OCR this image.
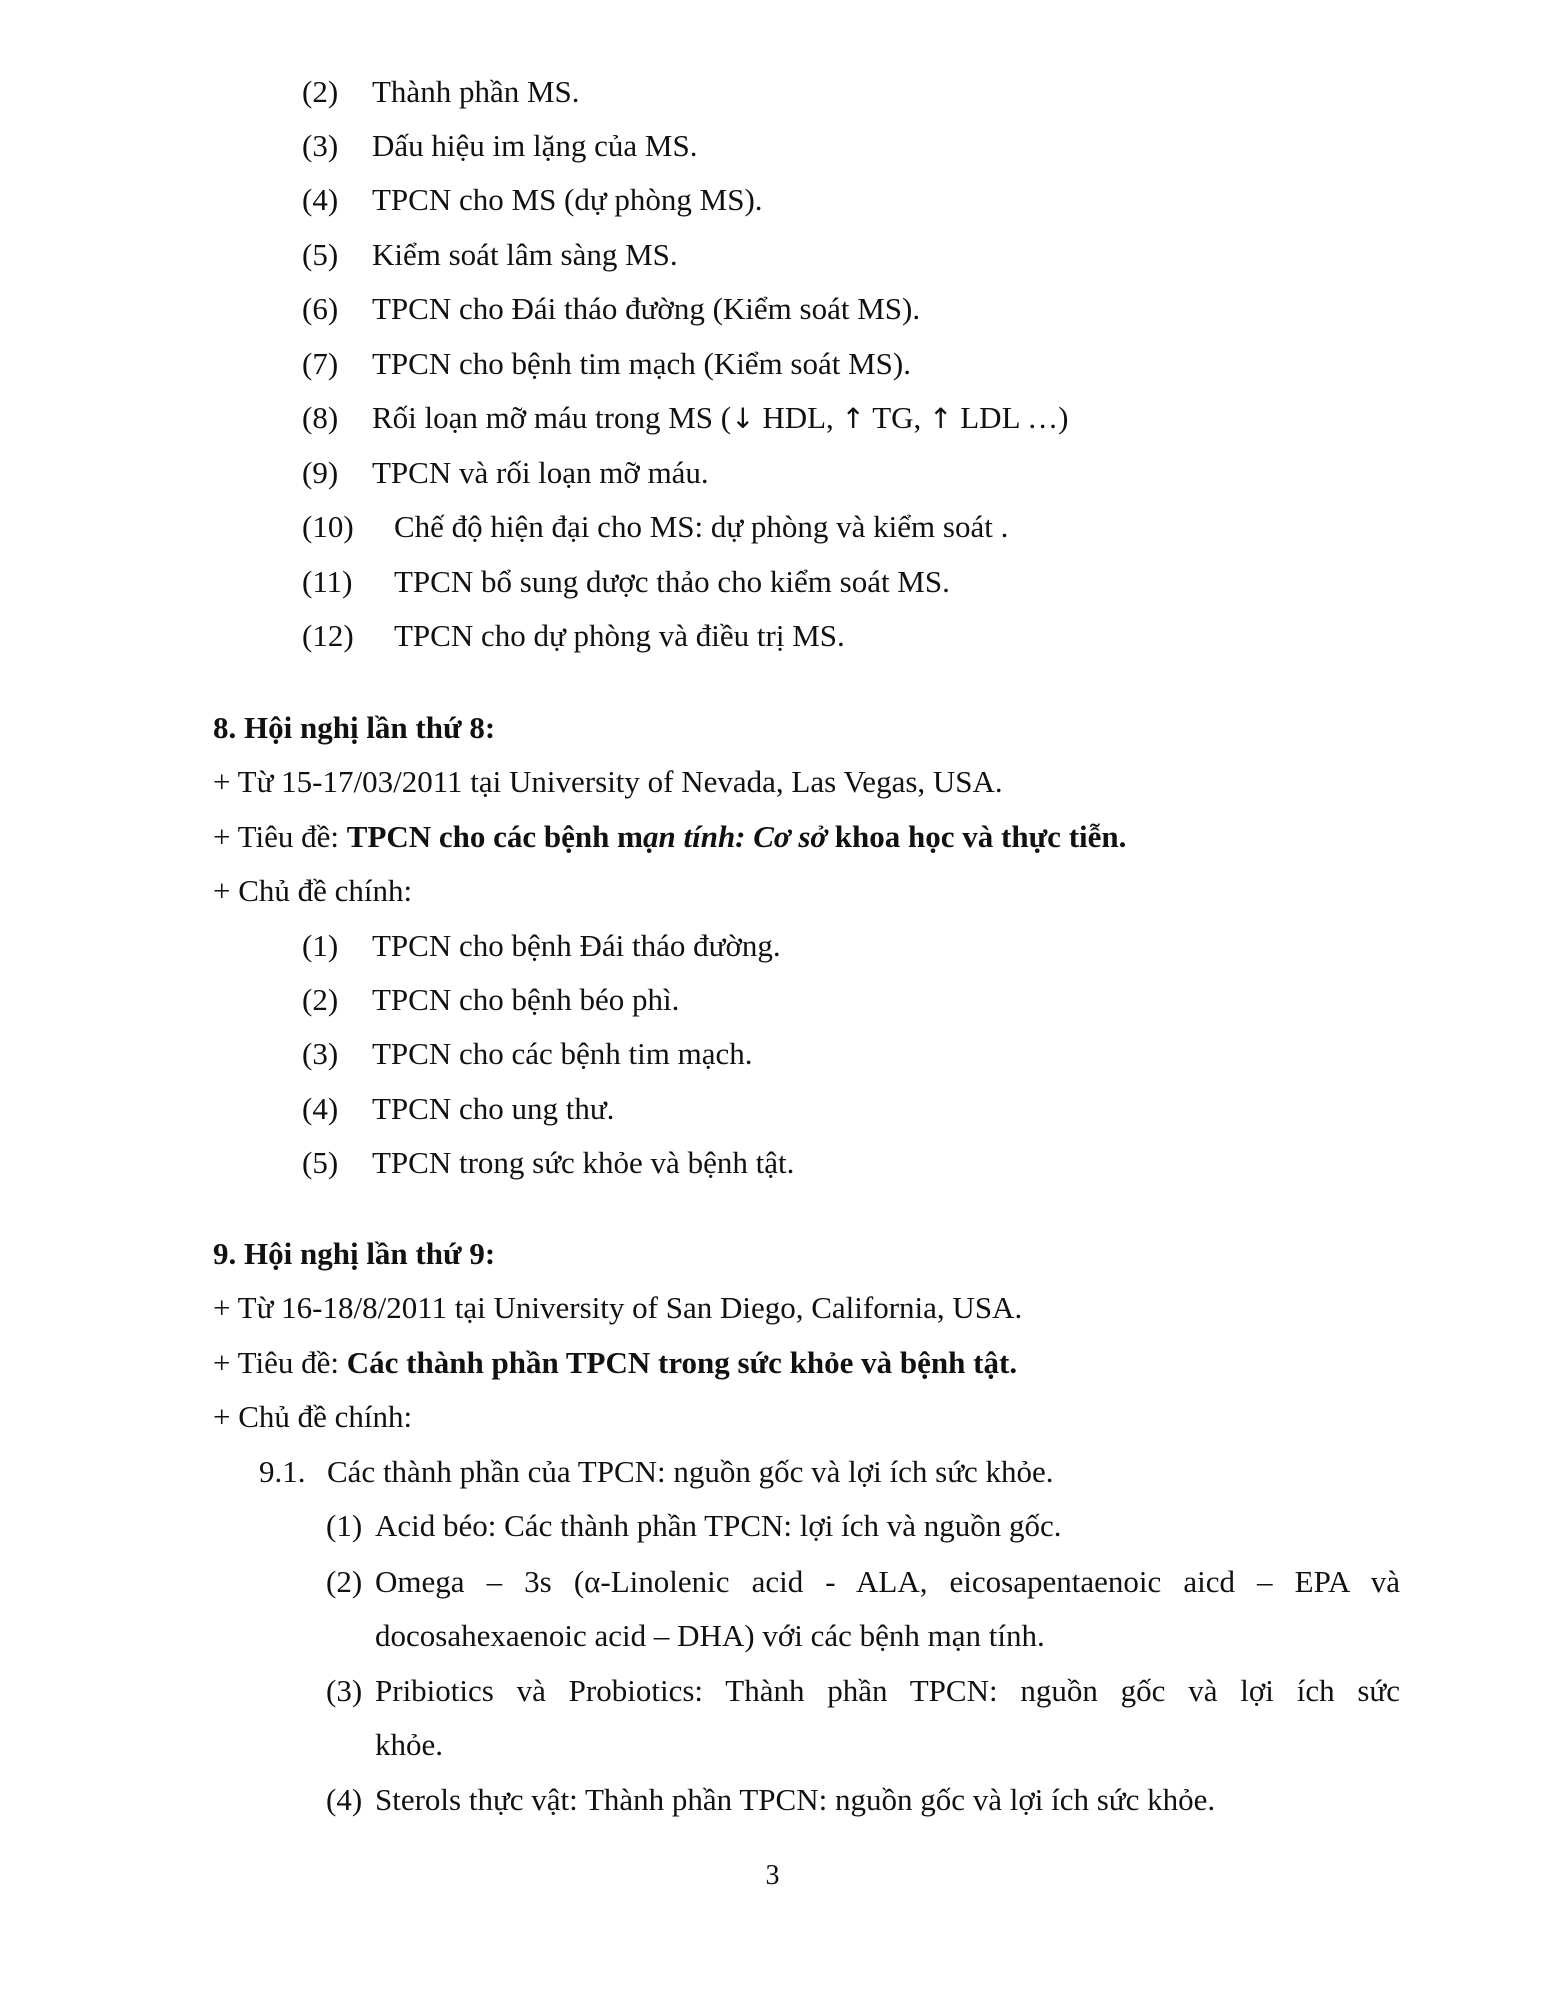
(2) Thành phần MS.
(3) Dấu hiệu im lặng của MS.
(4) TPCN cho MS (dự phòng MS).
(5) Kiểm soát lâm sàng MS.
(6) TPCN cho Đái tháo đường (Kiểm soát MS).
(7) TPCN cho bệnh tim mạch (Kiểm soát MS).
(8) Rối loạn mỡ máu trong MS (↓ HDL, ↑ TG, ↑ LDL …)
(9) TPCN và rối loạn mỡ máu.
(10) Chế độ hiện đại cho MS: dự phòng và kiểm soát .
(11) TPCN bổ sung dược thảo cho kiểm soát MS.
(12) TPCN cho dự phòng và điều trị MS.
8. Hội nghị lần thứ 8:
+ Từ 15-17/03/2011 tại University of Nevada, Las Vegas, USA.
+ Tiêu đề: TPCN cho các bệnh mạn tính: Cơ sở khoa học và thực tiễn.
+ Chủ đề chính:
(1) TPCN cho bệnh Đái tháo đường.
(2) TPCN cho bệnh béo phì.
(3) TPCN cho các bệnh tim mạch.
(4) TPCN cho ung thư.
(5) TPCN trong sức khỏe và bệnh tật.
9. Hội nghị lần thứ 9:
+ Từ 16-18/8/2011 tại University of San Diego, California, USA.
+ Tiêu đề: Các thành phần TPCN trong sức khỏe và bệnh tật.
+ Chủ đề chính:
9.1. Các thành phần của TPCN: nguồn gốc và lợi ích sức khỏe.
(1) Acid béo: Các thành phần TPCN: lợi ích và nguồn gốc.
(2) Omega – 3s (α-Linolenic acid - ALA, eicosapentaenoic aicd – EPA và
docosahexaenoic acid – DHA) với các bệnh mạn tính.
(3) Pribiotics và Probiotics: Thành phần TPCN: nguồn gốc và lợi ích sức
khỏe.
(4) Sterols thực vật: Thành phần TPCN: nguồn gốc và lợi ích sức khỏe.
3
